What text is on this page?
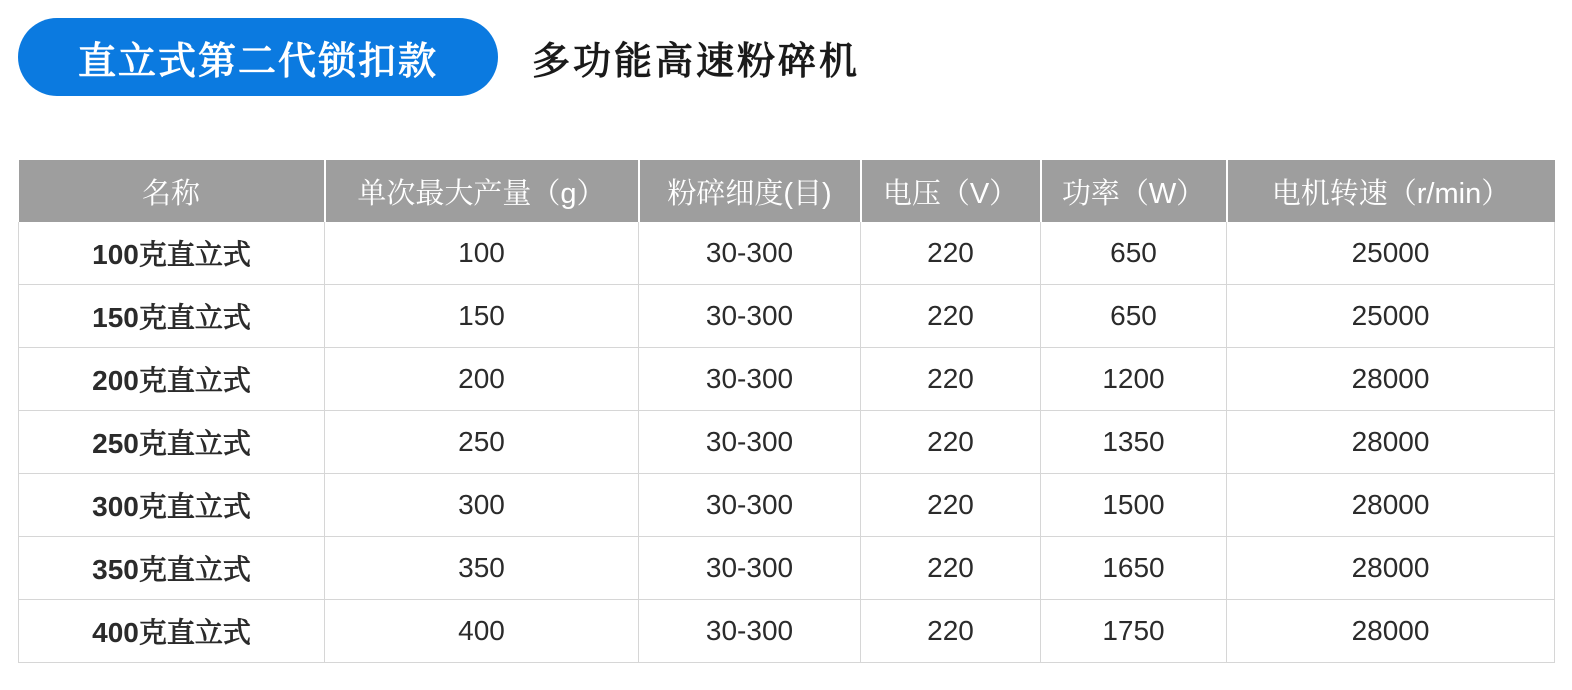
直立式第二代锁扣款	多功能高速粉碎机
名称	单次最大产量（g）	粉碎细度(目)	电压（V）	功率（W）	电机转速（r/min）
100克直立式	100	30-300	220	650	25000
150克直立式	150	30-300	220	650	25000
200克直立式	200	30-300	220	1200	28000
250克直立式	250	30-300	220	1350	28000
300克直立式	300	30-300	220	1500	28000
350克直立式	350	30-300	220	1650	28000
400克直立式	400	30-300	220	1750	28000
